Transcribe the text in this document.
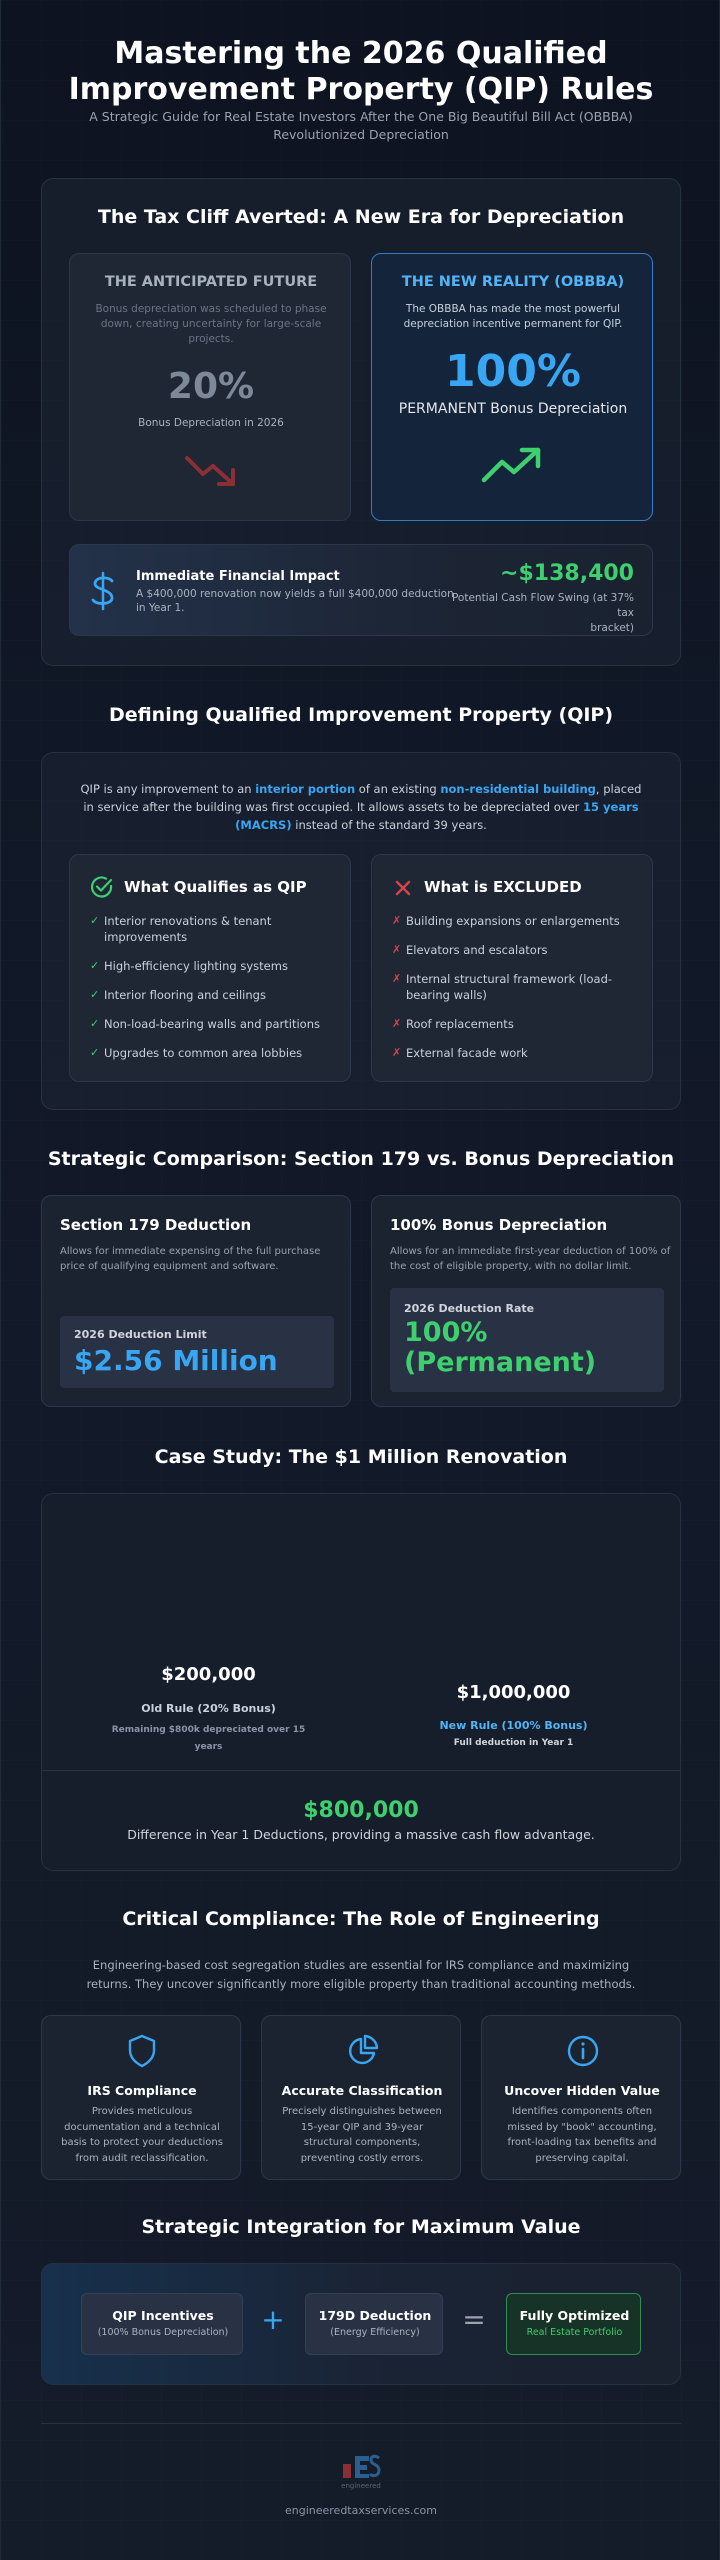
Mastering the 2026 Qualified
Improvement Property (QIP) Rules
A Strategic Guide for Real Estate Investors After the One Big Beautiful Bill Act (OBBBA)
Revolutionized Depreciation
The Tax Cliff Averted: A New Era for Depreciation
THE ANTICIPATED FUTURE
Bonus depreciation was scheduled to phase
down, creating uncertainty for large-scale
projects.
20%
Bonus Depreciation in 2026
THE NEW REALITY (OBBBA)
The OBBBA has made the most powerful
depreciation incentive permanent for QIP.
100%
PERMANENT Bonus Depreciation
Immediate Financial Impact
A $400,000 renovation now yields a full $400,000 deduction
in Year 1.
~$138,400
Potential Cash Flow Swing (at 37% tax
bracket)
Defining Qualified Improvement Property (QIP)
QIP is any improvement to an interior portion of an existing non-residential building, placed
in service after the building was first occupied. It allows assets to be depreciated over 15 years
(MACRS) instead of the standard 39 years.
What Qualifies as QIP
✓ Interior renovations & tenant
improvements
✓ High-efficiency lighting systems
✓ Interior flooring and ceilings
✓ Non-load-bearing walls and partitions
✓ Upgrades to common area lobbies
What is EXCLUDED
✗ Building expansions or enlargements
✗ Elevators and escalators
✗ Internal structural framework (load-
bearing walls)
✗ Roof replacements
✗ External facade work
Strategic Comparison: Section 179 vs. Bonus Depreciation
Section 179 Deduction
Allows for immediate expensing of the full purchase
price of qualifying equipment and software.
2026 Deduction Limit
$2.56 Million
100% Bonus Depreciation
Allows for an immediate first-year deduction of 100% of
the cost of eligible property, with no dollar limit.
2026 Deduction Rate
100%
(Permanent)
Case Study: The $1 Million Renovation
$200,000
Old Rule (20% Bonus)
Remaining $800k depreciated over 15
years
$1,000,000
New Rule (100% Bonus)
Full deduction in Year 1
$800,000
Difference in Year 1 Deductions, providing a massive cash flow advantage.
Critical Compliance: The Role of Engineering
Engineering-based cost segregation studies are essential for IRS compliance and maximizing
returns. They uncover significantly more eligible property than traditional accounting methods.
IRS Compliance
Provides meticulous
documentation and a technical
basis to protect your deductions
from audit reclassification.
Accurate Classification
Precisely distinguishes between
15-year QIP and 39-year
structural components,
preventing costly errors.
Uncover Hidden Value
Identifies components often
missed by "book" accounting,
front-loading tax benefits and
preserving capital.
Strategic Integration for Maximum Value
QIP Incentives
(100% Bonus Depreciation)	+	179D Deduction
(Energy Efficiency)	=	Fully Optimized
Real Estate Portfolio
engineered
engineeredtaxservices.com
